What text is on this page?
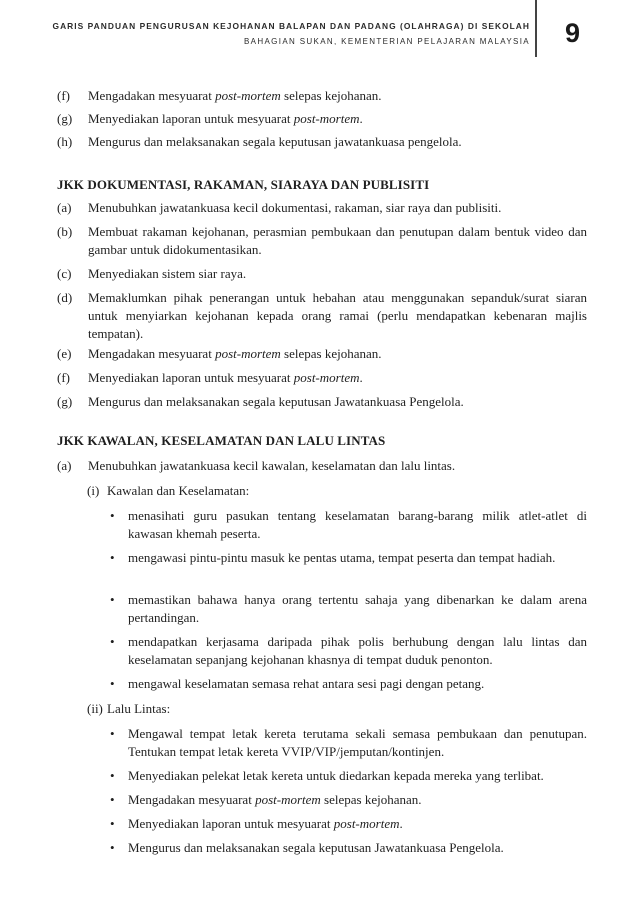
GARIS PANDUAN PENGURUSAN KEJOHANAN BALAPAN DAN PADANG (OLAHRAGA) DI SEKOLAH
BAHAGIAN SUKAN, KEMENTERIAN PELAJARAN MALAYSIA 9
(f) Mengadakan mesyuarat post-mortem selepas kejohanan.
(g) Menyediakan laporan untuk mesyuarat post-mortem.
(h) Mengurus dan melaksanakan segala keputusan jawatankuasa pengelola.
JKK DOKUMENTASI, RAKAMAN, SIARAYA DAN PUBLISITI
(a) Menubuhkan jawatankuasa kecil dokumentasi, rakaman, siar raya dan publisiti.
(b) Membuat rakaman kejohanan, perasmian pembukaan dan penutupan dalam bentuk video dan gambar untuk didokumentasikan.
(c) Menyediakan sistem siar raya.
(d) Memaklumkan pihak penerangan untuk hebahan atau menggunakan sepanduk/surat siaran untuk menyiarkan kejohanan kepada orang ramai (perlu mendapatkan kebenaran majlis tempatan).
(e) Mengadakan mesyuarat post-mortem selepas kejohanan.
(f) Menyediakan laporan untuk mesyuarat post-mortem.
(g) Mengurus dan melaksanakan segala keputusan Jawatankuasa Pengelola.
JKK KAWALAN, KESELAMATAN DAN LALU LINTAS
(a) Menubuhkan jawatankuasa kecil kawalan, keselamatan dan lalu lintas.
(i) Kawalan dan Keselamatan:
• menasihati guru pasukan tentang keselamatan barang-barang milik atlet-atlet di kawasan khemah peserta.
• mengawasi pintu-pintu masuk ke pentas utama, tempat peserta dan tempat hadiah.
• memastikan bahawa hanya orang tertentu sahaja yang dibenarkan ke dalam arena pertandingan.
• mendapatkan kerjasama daripada pihak polis berhubung dengan lalu lintas dan keselamatan sepanjang kejohanan khasnya di tempat duduk penonton.
• mengawal keselamatan semasa rehat antara sesi pagi dengan petang.
(ii) Lalu Lintas:
• Mengawal tempat letak kereta terutama sekali semasa pembukaan dan penutupan. Tentukan tempat letak kereta VVIP/VIP/jemputan/kontinjen.
• Menyediakan pelekat letak kereta untuk diedarkan kepada mereka yang terlibat.
• Mengadakan mesyuarat post-mortem selepas kejohanan.
• Menyediakan laporan untuk mesyuarat post-mortem.
• Mengurus dan melaksanakan segala keputusan Jawatankuasa Pengelola.
